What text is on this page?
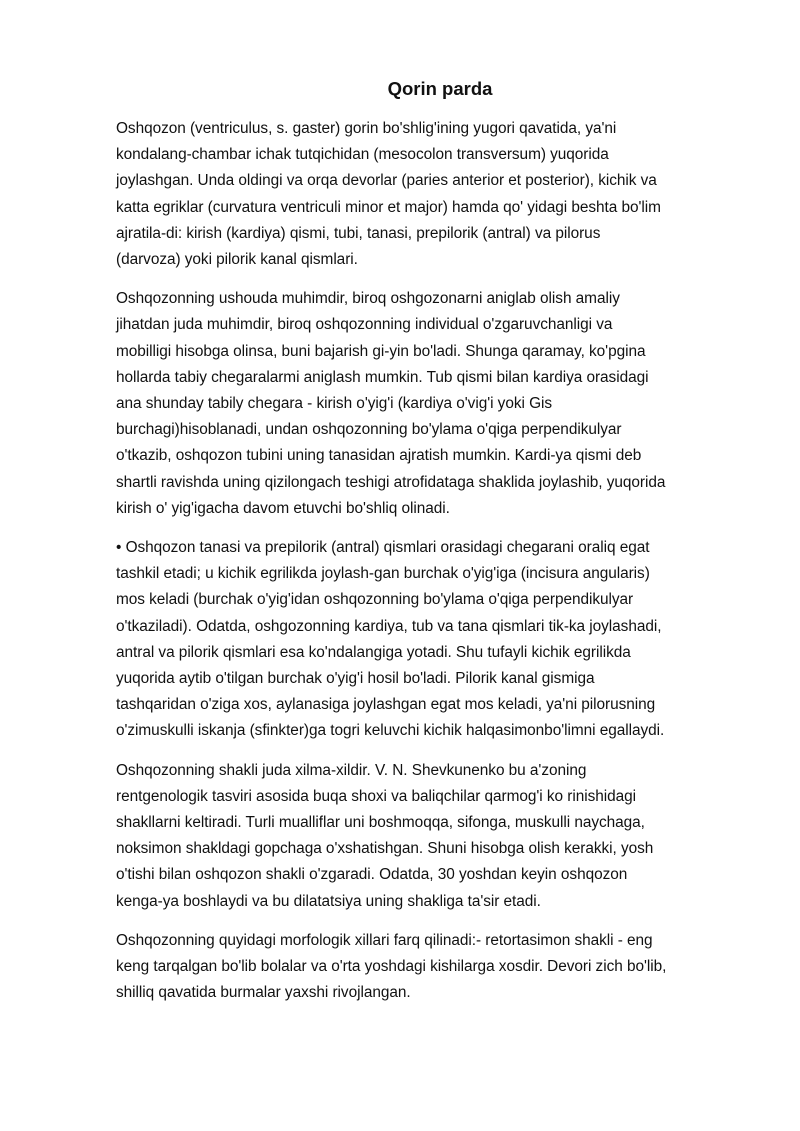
Qorin parda

Oshqozon (ventriculus, s. gaster) gorin bo'shlig'ining yugori qavatida, ya'ni
kondalang-chambar ichak tutqichidan (mesocolon transversum) yuqorida
joylashgan. Unda oldingi va orqa devorlar (paries anterior et posterior), kichik va
katta egriklar (curvatura ventriculi minor et major) hamda qo' yidagi beshta bo'lim
ajratila-di: kirish (kardiya) qismi, tubi, tanasi, prepilorik (antral) va pilorus
(darvoza) yoki pilorik kanal qismlari.

Oshqozonning ushouda muhimdir, biroq oshgozonarni aniglab olish amaliy
jihatdan juda muhimdir, biroq oshqozonning individual o'zgaruvchanligi va
mobilligi hisobga olinsa, buni bajarish gi-yin bo'ladi. Shunga qaramay, ko'pgina
hollarda tabiy chegaralarmi aniglash mumkin. Tub qismi bilan kardiya orasidagi
ana shunday tabily chegara - kirish o'yig'i (kardiya o'vig'i yoki Gis
burchagi)hisoblanadi, undan oshqozonning bo'ylama o'qiga perpendikulyar
o'tkazib, oshqozon tubini uning tanasidan ajratish mumkin. Kardi-ya qismi deb
shartli ravishda uning qizilongach teshigi atrofidataga shaklida joylashib, yuqorida
kirish o' yig'igacha davom etuvchi bo'shliq olinadi.

• Oshqozon tanasi va prepilorik (antral) qismlari orasidagi chegarani oraliq egat
tashkil etadi; u kichik egrilikda joylash-gan burchak o'yig'iga (incisura angularis)
mos keladi (burchak o'yig'idan oshqozonning bo'ylama o'qiga perpendikulyar
o'tkaziladi). Odatda, oshgozonning kardiya, tub va tana qismlari tik-ka joylashadi,
antral va pilorik qismlari esa ko'ndalangiga yotadi. Shu tufayli kichik egrilikda
yuqorida aytib o'tilgan burchak o'yig'i hosil bo'ladi. Pilorik kanal gismiga
tashqaridan o'ziga xos, aylanasiga joylashgan egat mos keladi, ya'ni pilorusning
o'zimuskulli iskanja (sfinkter)ga togri keluvchi kichik halqasimonbo'limni egallaydi.

Oshqozonning shakli juda xilma-xildir. V. N. Shevkunenko bu a'zoning
rentgenologik tasviri asosida buqa shoxi va baliqchilar qarmog'i ko rinishidagi
shakllarni keltiradi. Turli mualliflar uni boshmoqqa, sifonga, muskulli naychaga,
noksimon shakldagi gopchaga o'xshatishgan. Shuni hisobga olish kerakki, yosh
o'tishi bilan oshqozon shakli o'zgaradi. Odatda, 30 yoshdan keyin oshqozon
kenga-ya boshlaydi va bu dilatatsiya uning shakliga ta'sir etadi.

Oshqozonning quyidagi morfologik xillari farq qilinadi:- retortasimon shakli - eng
keng tarqalgan bo'lib bolalar va o'rta yoshdagi kishilarga xosdir. Devori zich bo'lib,
shilliq qavatida burmalar yaxshi rivojlangan.
